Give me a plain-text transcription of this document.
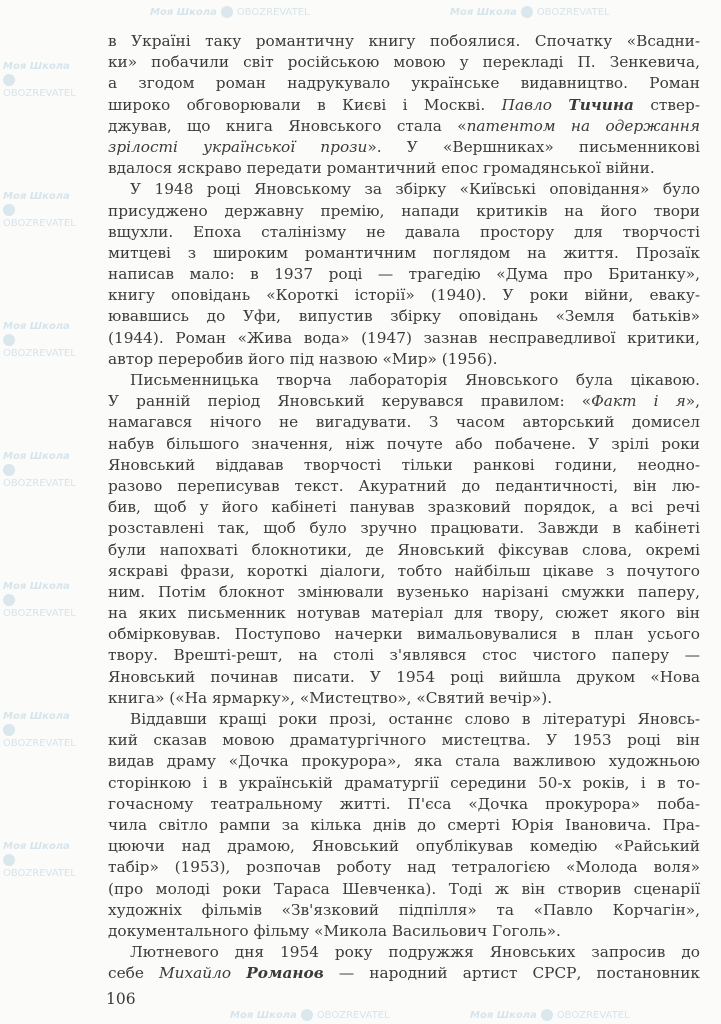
Моя Школа OBOZREVATEL	Моя Школа OBOZREVATEL
Моя Школа OBOZREVATEL	Моя Школа OBOZREVATEL
Моя Школа
OBOZREVATEL
Моя Школа
OBOZREVATEL
Моя Школа
OBOZREVATEL
Моя Школа
OBOZREVATEL
Моя Школа
OBOZREVATEL
Моя Школа
OBOZREVATEL
Моя Школа
OBOZREVATEL
в Україні таку романтичну книгу побоялися. Спочатку «Всадни-
ки» побачили світ російською мовою у перекладі П. Зенкевича,
а згодом роман надрукувало українське видавництво. Роман
широко обговорювали в Києві і Москві. Павло Тичина ствер-
джував, що книга Яновського стала «патентом на одержання
зрілості української прози». У «Вершниках» письменникові
вдалося яскраво передати романтичний епос громадянської війни.
У 1948 році Яновському за збірку «Київські оповідання» було
присуджено державну премію, напади критиків на його твори
вщухли. Епоха сталінізму не давала простору для творчості
митцеві з широким романтичним поглядом на життя. Прозаїк
написав мало: в 1937 році — трагедію «Дума про Британку»,
книгу оповідань «Короткі історії» (1940). У роки війни, еваку-
ювавшись до Уфи, випустив збірку оповідань «Земля батьків»
(1944). Роман «Жива вода» (1947) зазнав несправедливої критики,
автор переробив його під назвою «Мир» (1956).
Письменницька творча лабораторія Яновського була цікавою.
У ранній період Яновський керувався правилом: «Факт і я»,
намагався нічого не вигадувати. З часом авторський домисел
набув більшого значення, ніж почуте або побачене. У зрілі роки
Яновський віддавав творчості тільки ранкові години, неодно-
разово переписував текст. Акуратний до педантичності, він лю-
бив, щоб у його кабінеті панував зразковий порядок, а всі речі
розставлені так, щоб було зручно працювати. Завжди в кабінеті
були напохваті блокнотики, де Яновський фіксував слова, окремі
яскраві фрази, короткі діалоги, тобто найбільш цікаве з почутого
ним. Потім блокнот змінювали вузенько нарізані смужки паперу,
на яких письменник нотував матеріал для твору, сюжет якого він
обмірковував. Поступово начерки вимальовувалися в план усього
твору. Врешті-решт, на столі з'являвся стос чистого паперу —
Яновський починав писати. У 1954 році вийшла друком «Нова
книга» («На ярмарку», «Мистецтво», «Святий вечір»).
Віддавши кращі роки прозі, останнє слово в літературі Яновсь-
кий сказав мовою драматургічного мистецтва. У 1953 році він
видав драму «Дочка прокурора», яка стала важливою художньою
сторінкою і в українській драматургії середини 50-х років, і в то-
гочасному театральному житті. П'єса «Дочка прокурора» поба-
чила світло рампи за кілька днів до смерті Юрія Івановича. Пра-
цюючи над драмою, Яновський опублікував комедію «Райський
табір» (1953), розпочав роботу над тетралогією «Молода воля»
(про молоді роки Тараса Шевченка). Тоді ж він створив сценарії
художніх фільмів «Зв'язковий підпілля» та «Павло Корчагін»,
документального фільму «Микола Васильович Гоголь».
Лютневого дня 1954 року подружжя Яновських запросив до
себе Михайло Романов — народний артист СРСР, постановник
106
